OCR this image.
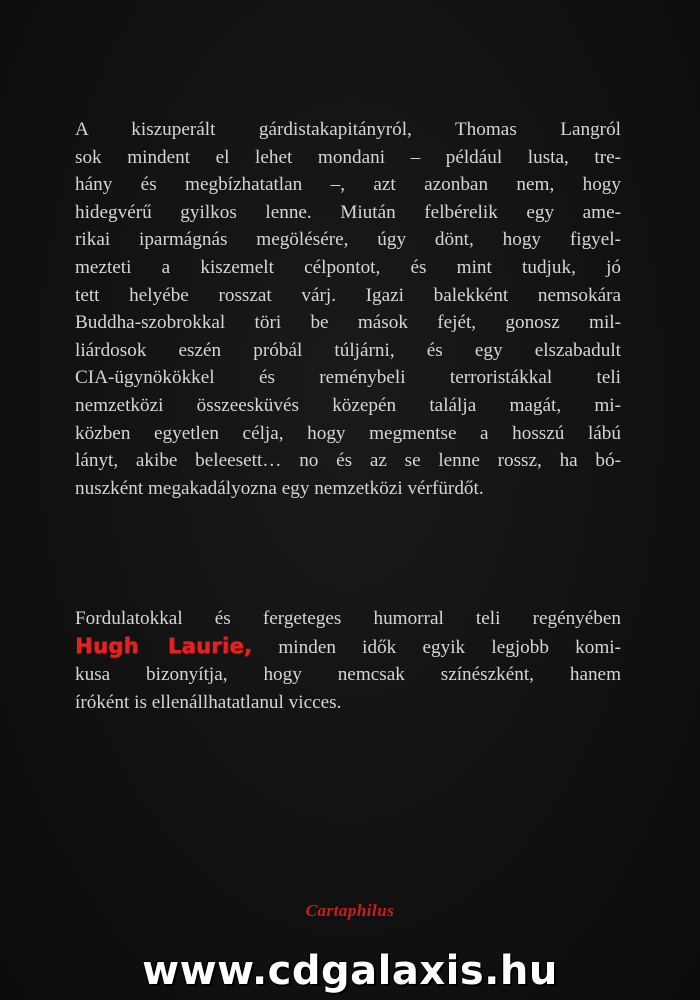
A kiszuperált gárdistakapitányról, Thomas Langról
sok mindent el lehet mondani – például lusta, tre-
hány és megbízhatatlan –, azt azonban nem, hogy
hidegvérű gyilkos lenne. Miután felbérelik egy ame-
rikai iparmágnás megölésére, úgy dönt, hogy figyel-
mezteti a kiszemelt célpontot, és mint tudjuk, jó
tett helyébe rosszat várj. Igazi balekként nemsokára
Buddha-szobrokkal töri be mások fejét, gonosz mil-
liárdosok eszén próbál túljárni, és egy elszabadult
CIA-ügynökökkel és reménybeli terroristákkal teli
nemzetközi összeesküvés közepén találja magát, mi-
közben egyetlen célja, hogy megmentse a hosszú lábú
lányt, akibe beleesett… no és az se lenne rossz, ha bó-
nuszként megakadályozna egy nemzetközi vérfürdőt.

Fordulatokkal és fergeteges humorral teli regényében
Hugh Laurie, minden idők egyik legjobb komi-
kusa bizonyítja, hogy nemcsak színészként, hanem
íróként is ellenállhatatlanul vicces.

Cartaphilus
www.cdgalaxis.hu
